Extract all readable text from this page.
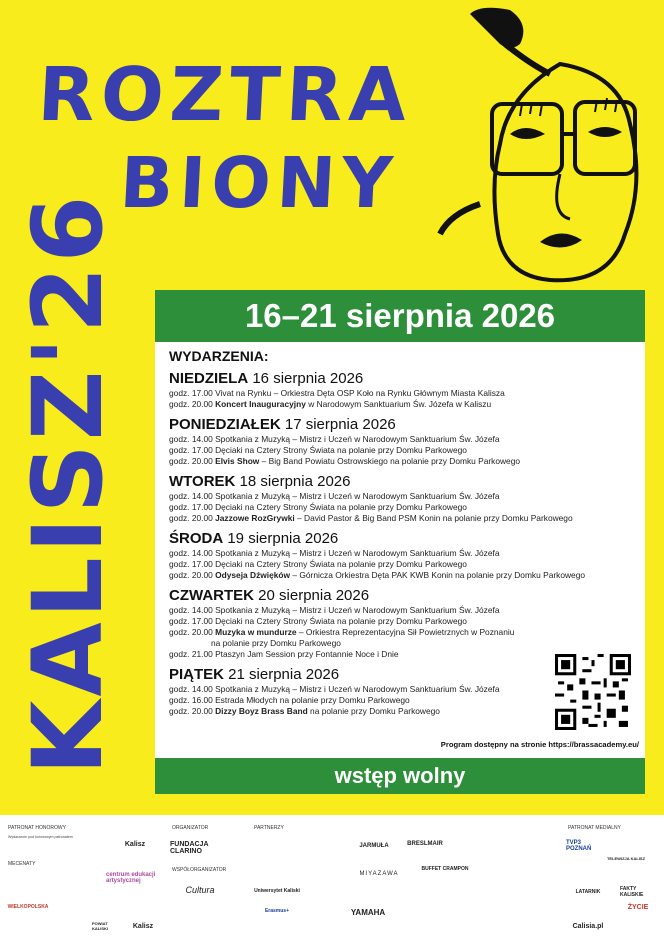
ROZTRA
BIONY
KALISZ'26	16–21 sierpnia 2026
WYDARZENIA:
NIEDZIELA 16 sierpnia 2026
godz. 17.00 Vivat na Rynku – Orkiestra Dęta OSP Koło na Rynku Głównym Miasta Kalisza
godz. 20.00 Koncert Inauguracyjny w Narodowym Sanktuarium Św. Józefa w Kaliszu
PONIEDZIAŁEK 17 sierpnia 2026
godz. 14.00 Spotkania z Muzyką – Mistrz i Uczeń w Narodowym Sanktuarium Św. Józefa
godz. 17.00 Dęciaki na Cztery Strony Świata na polanie przy Domku Parkowego
godz. 20.00 Elvis Show – Big Band Powiatu Ostrowskiego na polanie przy Domku Parkowego
WTOREK 18 sierpnia 2026
godz. 14.00 Spotkania z Muzyką – Mistrz i Uczeń w Narodowym Sanktuarium Św. Józefa
godz. 17.00 Dęciaki na Cztery Strony Świata na polanie przy Domku Parkowego
godz. 20.00 Jazzowe RozGrywki – David Pastor & Big Band PSM Konin na polanie przy Domku Parkowego
ŚRODA 19 sierpnia 2026
godz. 14.00 Spotkania z Muzyką – Mistrz i Uczeń w Narodowym Sanktuarium Św. Józefa
godz. 17.00 Dęciaki na Cztery Strony Świata na polanie przy Domku Parkowego
godz. 20.00 Odyseja Dźwięków – Górnicza Orkiestra Dęta PAK KWB Konin na polanie przy Domku Parkowego
CZWARTEK 20 sierpnia 2026
godz. 14.00 Spotkania z Muzyką – Mistrz i Uczeń w Narodowym Sanktuarium Św. Józefa
godz. 17.00 Dęciaki na Cztery Strony Świata na polanie przy Domku Parkowego
godz. 20.00 Muzyka w mundurze – Orkiestra Reprezentacyjna Sił Powietrznych w Poznaniu
na polanie przy Domku Parkowego
godz. 21.00 Ptaszyn Jam Session przy Fontannie Noce i Dnie
PIĄTEK 21 sierpnia 2026
godz. 14.00 Spotkania z Muzyką – Mistrz i Uczeń w Narodowym Sanktuarium Św. Józefa
godz. 16.00 Estrada Młodych na polanie przy Domku Parkowego
godz. 20.00 Dizzy Boyz Brass Band na polanie przy Domku Parkowego
Program dostępny na stronie https://brassacademy.eu/
wstęp wolny
PATRONAT HONOROWY
Wydarzenie pod honorowym patronatem
Kalisz
MECENATY
centrum edukacji artystycznej
WIELKOPOLSKA
POWIAT KALISKI	Kalisz
ORGANIZATOR
FUNDACJA CLARINO
WSPÓŁORGANIZATOR
Cultura
PARTNERZY
JARMUŁA	BRESLMAIR
BUFFET CRAMPON
MIYAZAWA
YAMAHA
Uniwersytet Kaliski
Erasmus+
PATRONAT MEDIALNY
TVP3 POZNAŃ
TELEWIZJA KALISZ
LATARNIK	FAKTY KALISKIE
ŻYCIE
Calisia.pl
